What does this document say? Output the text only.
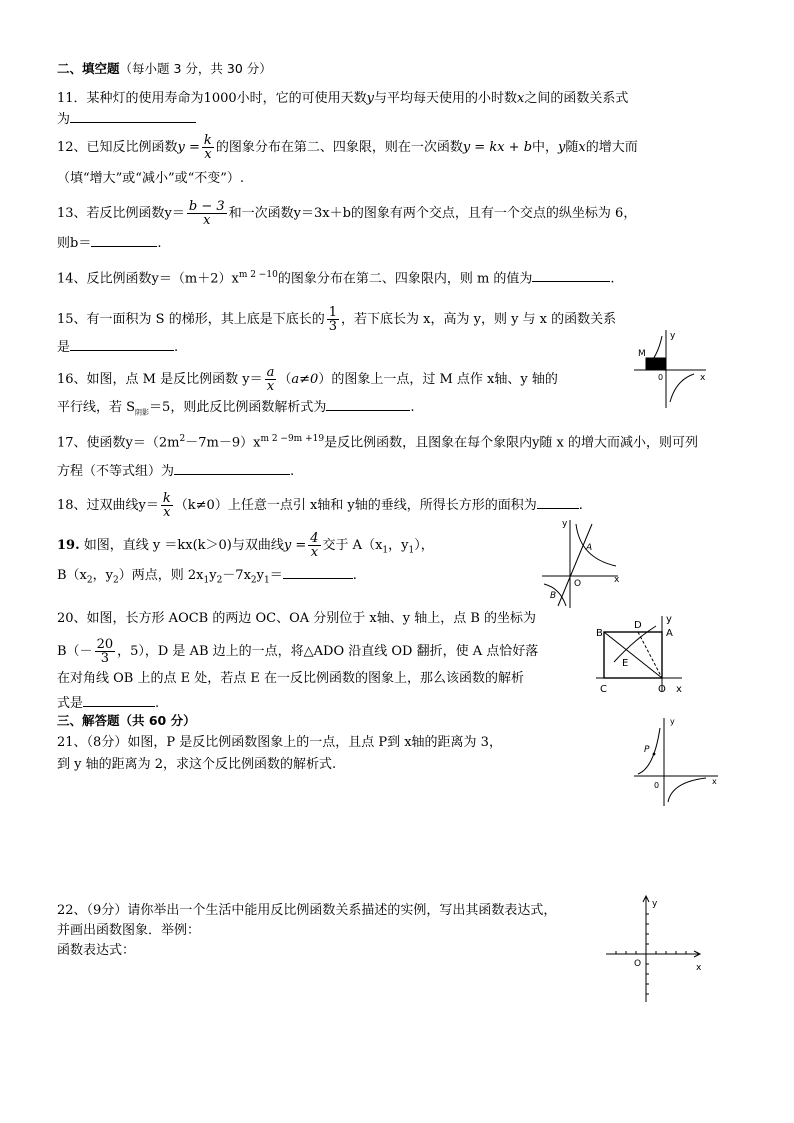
二、填空题（每小题 3 分，共 30 分）
11．某种灯的使用寿命为1000小时，它的可使用天数y与平均每天使用的小时数x之间的函数关系式
为
12、已知反比例函数$y = \frac{k}{x}$ 的图象分布在第二、四象限，则在一次函数y = kx + b中，y随x的增大而
（填“增大”或“减小”或“不变”）.
13、若反比例函数$y= \frac{b - 3}{x}$ 和一次函数y＝3x＋b的图象有两个交点，且有一个交点的纵坐标为 6，
则b＝	.
14、反比例函数$y=(m+2)x^{m 2 -10}$的图象分布在第二、四象限内，则 m 的值为	.
15、有一面积为 S 的梯形，其上底是下底长的 $\frac{1}{3}$ ，若下底长为 x，高为 y，则 y 与 x 的函数关系
是	.
16、如图，点 M 是反比例函数 $y= \frac{a}{x} (a\ne 0)$的图象上一点，过 M 点作 x轴、y 轴的
平行线，若 $S_{阴影}=5$，则此反比例函数解析式为	.
17、使函数$y=(2m^2-7m-9)x^{m 2 -9m +19}$是反比例函数，且图象在每个象限内y随 x 的增大而减小，则可列
方程（不等式组）为	.
18、过双曲线$y= \frac{k}{x} (k\ne 0)$上任意一点引 x轴和 y轴的垂线，所得长方形的面积为	.
19. 如图，直线 y ＝kx(k＞0)与双曲线$y = \frac{4}{x}$ 交于 $A(x_1$，$y_1$），
$B(x_2$，$y_2$）两点，则 $2x_1y_2-7x_2y_1=$	.
20、如图，长方形 AOCB 的两边 OC、OA 分别位于 x轴、y 轴上，点 B 的坐标为
$B(- \frac{20}{3}$ ，5），D 是 AB 边上的一点，将△ADO 沿直线 OD 翻折，使 A 点恰好落
在对角线 OB 上的点 E 处，若点 E 在一反比例函数的图象上，那么该函数的解析
式是	.
三、解答题（共 60 分）
21、（8分）如图，P 是反比例函数图象上的一点，且点 P到 x轴的距离为 3，
到 y 轴的距离为 2，求这个反比例函数的解析式.
22、（9分）请你举出一个生活中能用反比例函数关系描述的实例，写出其函数表达式，
并画出函数图象．举例：
函数表达式：
M
y
0	x
y
A
O
B
x
B
D
y
A
E
C	O x
y
P
0	x
y
O	x
